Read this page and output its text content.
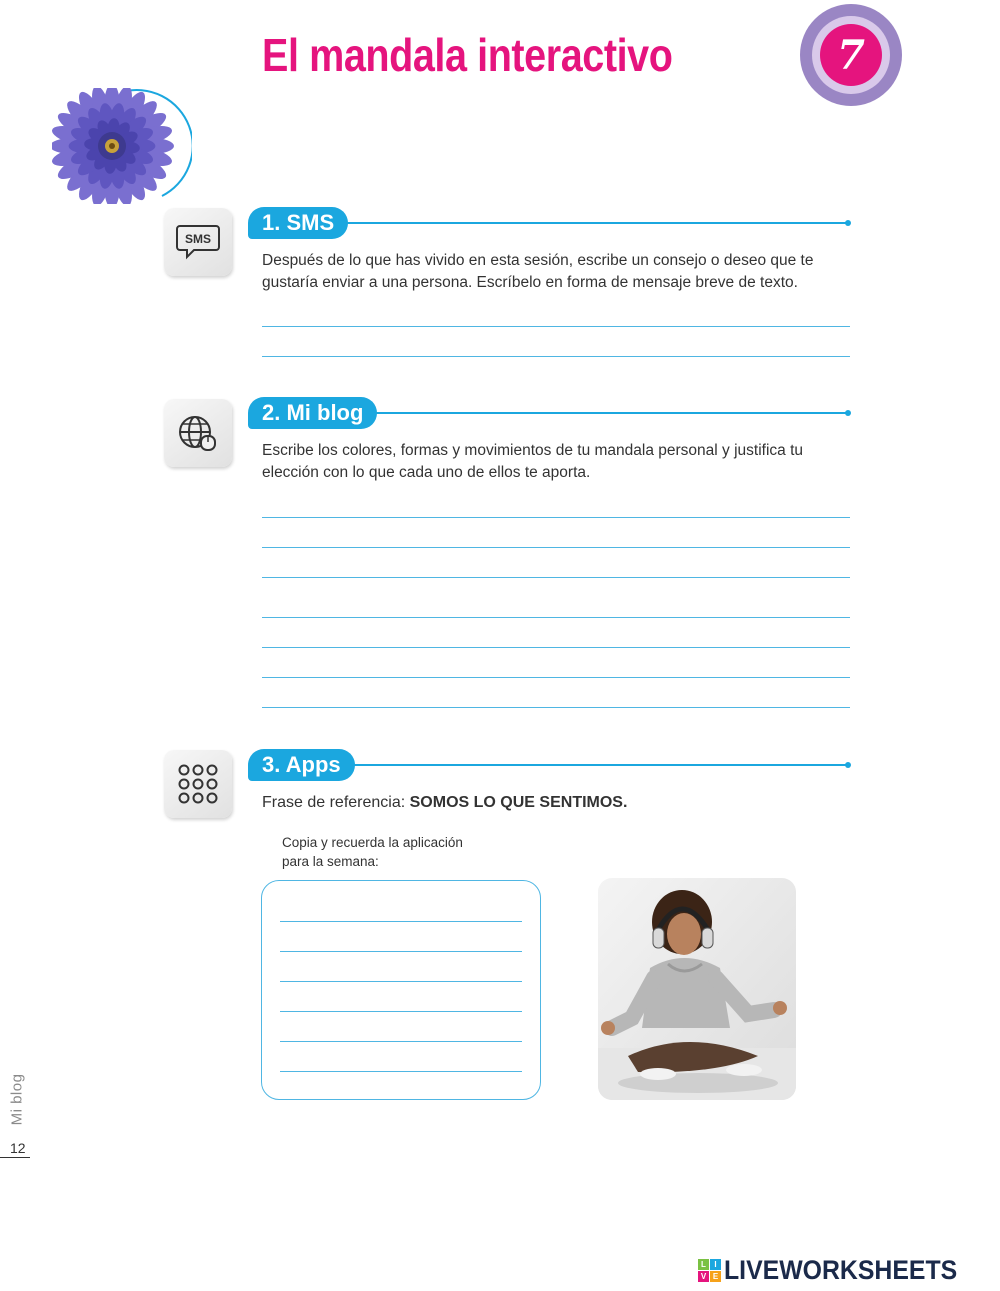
El mandala interactivo	7
SMS
1. SMS

Después de lo que has vivido en esta sesión, escribe un consejo o deseo que te gustaría enviar a una persona. Escríbelo en forma de mensaje breve de texto.

2. Mi blog

Escribe los colores, formas y movimientos de tu mandala personal y justifica tu elección con lo que cada uno de ellos te aporta.

3. Apps

Frase de referencia: SOMOS LO QUE SENTIMOS.

Copia y recuerda la aplicación para la semana:

Mi blog
12
L	I
V E LIVEWORKSHEETS
